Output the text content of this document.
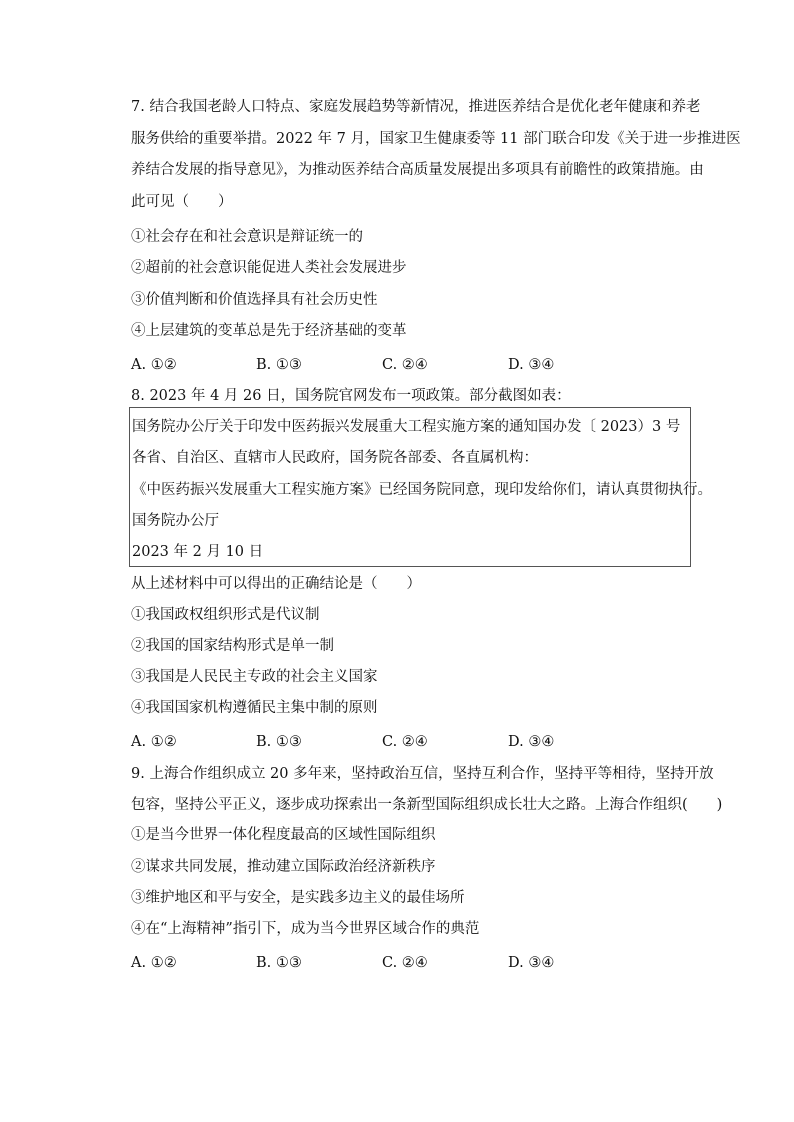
7. 结合我国老龄人口特点、家庭发展趋势等新情况，推进医养结合是优化老年健康和养老
服务供给的重要举措。2022 年 7 月，国家卫生健康委等 11 部门联合印发《关于进一步推进医
养结合发展的指导意见》，为推动医养结合高质量发展提出多项具有前瞻性的政策措施。由
此可见（　　）
①社会存在和社会意识是辩证统一的
②超前的社会意识能促进人类社会发展进步
③价值判断和价值选择具有社会历史性
④上层建筑的变革总是先于经济基础的变革
A. ①②	B. ①③	C. ②④	D. ③④
8. 2023 年 4 月 26 日，国务院官网发布一项政策。部分截图如表：
国务院办公厅关于印发中医药振兴发展重大工程实施方案的通知国办发〔 2023）3 号
各省、自治区、直辖市人民政府，国务院各部委、各直属机构：
《中医药振兴发展重大工程实施方案》已经国务院同意，现印发给你们，请认真贯彻执行。
国务院办公厅
2023 年 2 月 10 日
从上述材料中可以得出的正确结论是（　　）
①我国政权组织形式是代议制
②我国的国家结构形式是单一制
③我国是人民民主专政的社会主义国家
④我国国家机构遵循民主集中制的原则
A. ①②	B. ①③	C. ②④	D. ③④
9. 上海合作组织成立 20 多年来，坚持政治互信，坚持互利合作，坚持平等相待，坚持开放
包容，坚持公平正义，逐步成功探索出一条新型国际组织成长壮大之路。上海合作组织(　　)
①是当今世界一体化程度最高的区域性国际组织
②谋求共同发展，推动建立国际政治经济新秩序
③维护地区和平与安全，是实践多边主义的最佳场所
④在“上海精神”指引下，成为当今世界区域合作的典范
A. ①②	B. ①③	C. ②④	D. ③④
